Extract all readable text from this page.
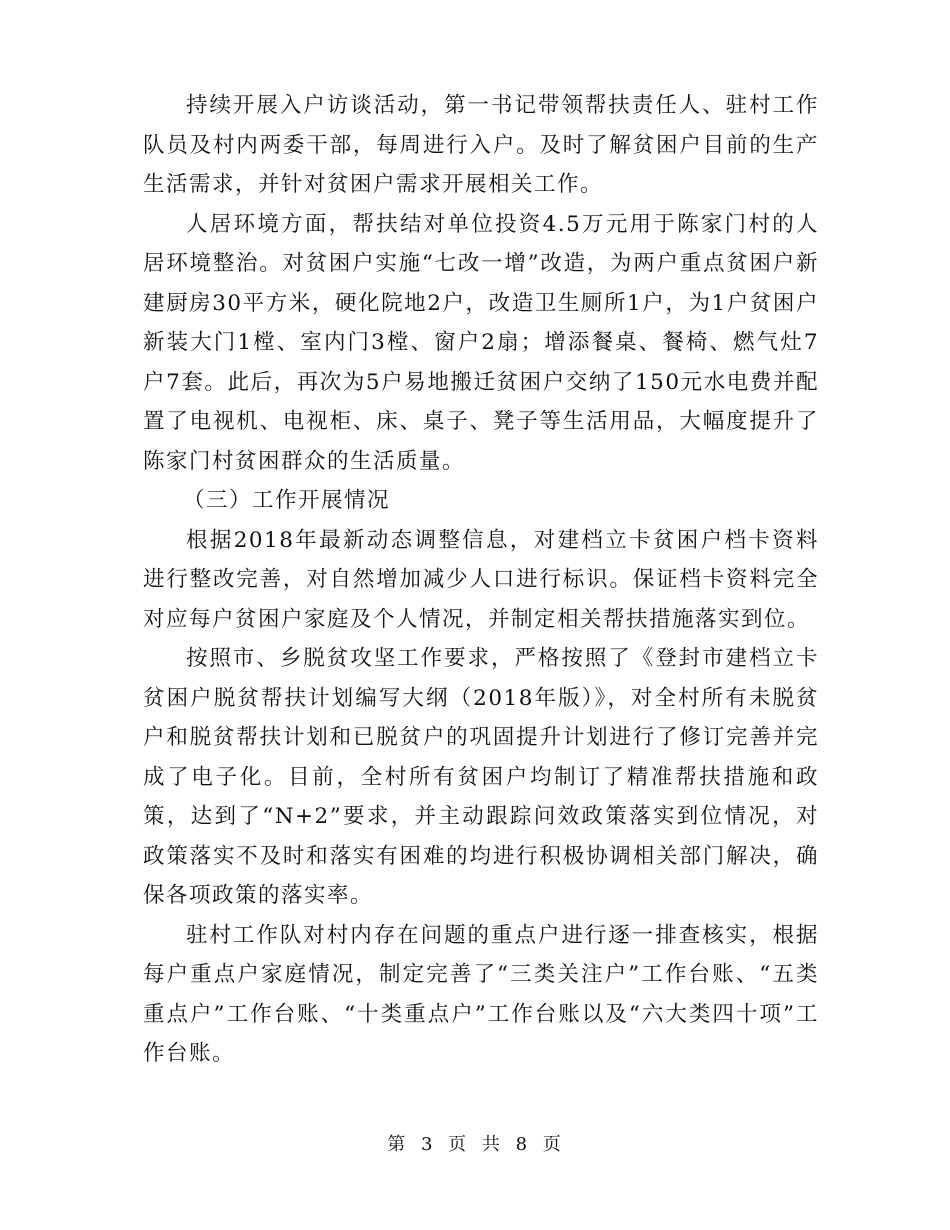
持续开展入户访谈活动，第一书记带领帮扶责任人、驻村工作队员及村内两委干部，每周进行入户。及时了解贫困户目前的生产生活需求，并针对贫困户需求开展相关工作。

人居环境方面，帮扶结对单位投资4.5万元用于陈家门村的人居环境整治。对贫困户实施“七改一增”改造，为两户重点贫困户新建厨房30平方米，硬化院地2户，改造卫生厕所1户，为1户贫困户新装大门1樘、室内门3樘、窗户2扇；增添餐桌、餐椅、燃气灶7户7套。此后，再次为5户易地搬迁贫困户交纳了150元水电费并配置了电视机、电视柜、床、桌子、凳子等生活用品，大幅度提升了陈家门村贫困群众的生活质量。

（三）工作开展情况

根据2018年最新动态调整信息，对建档立卡贫困户档卡资料进行整改完善，对自然增加减少人口进行标识。保证档卡资料完全对应每户贫困户家庭及个人情况，并制定相关帮扶措施落实到位。

按照市、乡脱贫攻坚工作要求，严格按照了《登封市建档立卡贫困户脱贫帮扶计划编写大纲（2018年版）》，对全村所有未脱贫户和脱贫帮扶计划和已脱贫户的巩固提升计划进行了修订完善并完成了电子化。目前，全村所有贫困户均制订了精准帮扶措施和政策，达到了“N+2”要求，并主动跟踪问效政策落实到位情况，对政策落实不及时和落实有困难的均进行积极协调相关部门解决，确保各项政策的落实率。

驻村工作队对村内存在问题的重点户进行逐一排查核实，根据每户重点户家庭情况，制定完善了“三类关注户”工作台账、“五类重点户”工作台账、“十类重点户”工作台账以及“六大类四十项”工作台账。

第 3 页 共 8 页
